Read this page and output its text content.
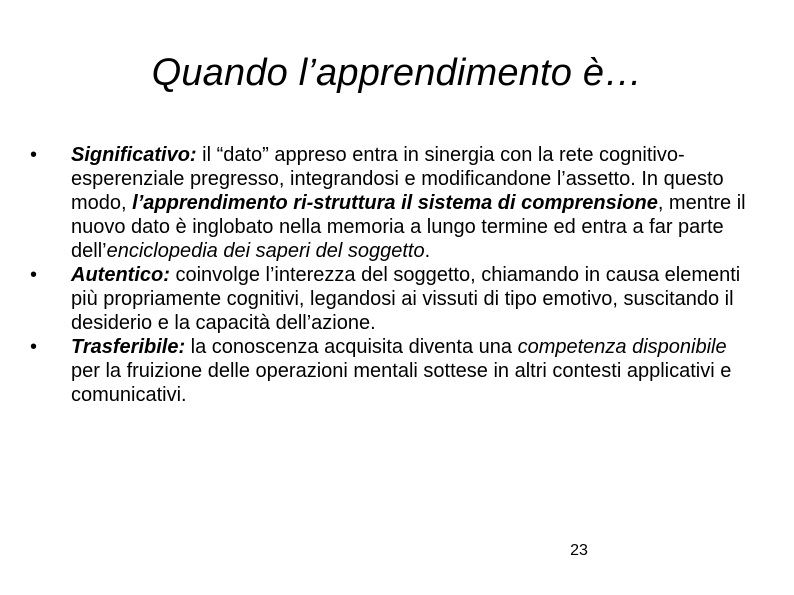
Quando l’apprendimento è…
•	Significativo: il “dato” appreso entra in sinergia con la rete cognitivo-esperenziale pregresso, integrandosi e modificandone l’assetto. In questo modo, l’apprendimento ri-struttura il sistema di comprensione, mentre il nuovo dato è inglobato nella memoria a lungo termine ed entra a far parte dell’enciclopedia dei saperi del soggetto.
•	Autentico: coinvolge l’interezza del soggetto, chiamando in causa elementi più propriamente cognitivi, legandosi ai vissuti di tipo emotivo, suscitando il desiderio e la capacità dell’azione.
•	Trasferibile: la conoscenza acquisita diventa una competenza disponibile per la fruizione delle operazioni mentali sottese in altri contesti applicativi e comunicativi.
23
